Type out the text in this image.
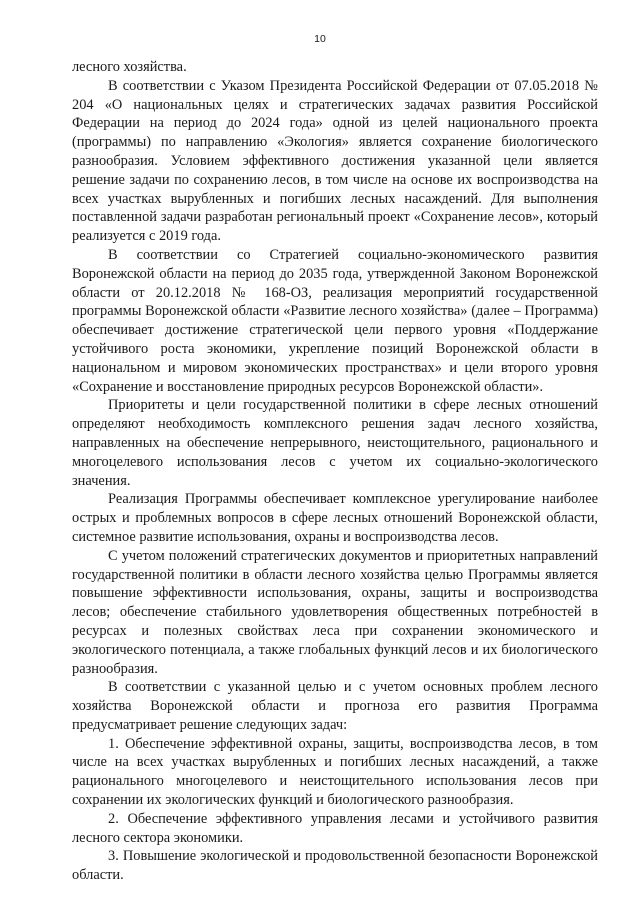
10

лесного хозяйства.

В соответствии с Указом Президента Российской Федерации от 07.05.2018 № 204 «О национальных целях и стратегических задачах развития Российской Федерации на период до 2024 года» одной из целей национального проекта (программы) по направлению «Экология» является сохранение биологического разнообразия. Условием эффективного достижения указанной цели является решение задачи по сохранению лесов, в том числе на основе их воспроизводства на всех участках вырубленных и погибших лесных насаждений. Для выполнения поставленной задачи разработан региональный проект «Сохранение лесов», который реализуется с 2019 года.

В соответствии со Стратегией социально-экономического развития Воронежской области на период до 2035 года, утвержденной Законом Воронежской области от 20.12.2018 № 168-ОЗ, реализация мероприятий государственной программы Воронежской области «Развитие лесного хозяйства» (далее – Программа) обеспечивает достижение стратегической цели первого уровня «Поддержание устойчивого роста экономики, укрепление позиций Воронежской области в национальном и мировом экономических пространствах» и цели второго уровня «Сохранение и восстановление природных ресурсов Воронежской области».

Приоритеты и цели государственной политики в сфере лесных отношений определяют необходимость комплексного решения задач лесного хозяйства, направленных на обеспечение непрерывного, неистощительного, рационального и многоцелевого использования лесов с учетом их социально-экологического значения.

Реализация Программы обеспечивает комплексное урегулирование наиболее острых и проблемных вопросов в сфере лесных отношений Воронежской области, системное развитие использования, охраны и воспроизводства лесов.

С учетом положений стратегических документов и приоритетных направлений государственной политики в области лесного хозяйства целью Программы является повышение эффективности использования, охраны, защиты и воспроизводства лесов; обеспечение стабильного удовлетворения общественных потребностей в ресурсах и полезных свойствах леса при сохранении экономического и экологического потенциала, а также глобальных функций лесов и их биологического разнообразия.

В соответствии с указанной целью и с учетом основных проблем лесного хозяйства Воронежской области и прогноза его развития Программа предусматривает решение следующих задач:

1. Обеспечение эффективной охраны, защиты, воспроизводства лесов, в том числе на всех участках вырубленных и погибших лесных насаждений, а также рационального многоцелевого и неистощительного использования лесов при сохранении их экологических функций и биологического разнообразия.

2. Обеспечение эффективного управления лесами и устойчивого развития лесного сектора экономики.

3. Повышение экологической и продовольственной безопасности Воронежской области.
